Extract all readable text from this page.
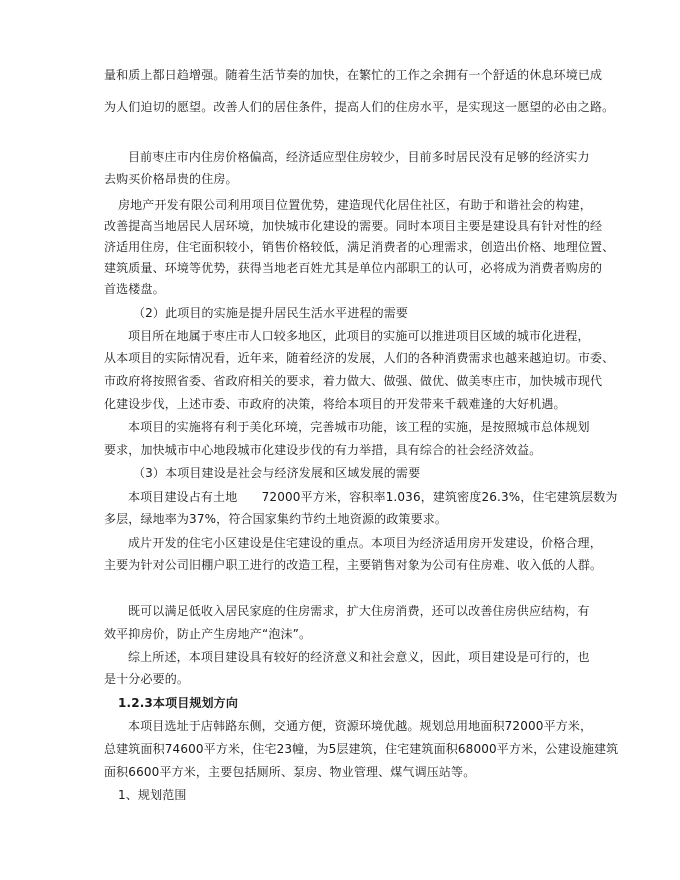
量和质上都日趋增强。随着生活节奏的加快，在繁忙的工作之余拥有一个舒适的休息环境已成
为人们迫切的愿望。改善人们的居住条件，提高人们的住房水平，是实现这一愿望的必由之路。
目前枣庄市内住房价格偏高，经济适应型住房较少，目前多时居民没有足够的经济实力
去购买价格昂贵的住房。
房地产开发有限公司利用项目位置优势，建造现代化居住社区，有助于和谐社会的构建，
改善提高当地居民人居环境，加快城市化建设的需要。同时本项目主要是建设具有针对性的经
济适用住房，住宅面积较小，销售价格较低，满足消费者的心理需求，创造出价格、地理位置、
建筑质量、环境等优势，获得当地老百姓尤其是单位内部职工的认可，必将成为消费者购房的
首选楼盘。
（2）此项目的实施是提升居民生活水平进程的需要
项目所在地属于枣庄市人口较多地区，此项目的实施可以推进项目区域的城市化进程，
从本项目的实际情况看，近年来，随着经济的发展，人们的各种消费需求也越来越迫切。市委、
市政府将按照省委、省政府相关的要求，着力做大、做强、做优、做美枣庄市，加快城市现代
化建设步伐，上述市委、市政府的决策，将给本项目的开发带来千载难逢的大好机遇。
本项目的实施将有利于美化环境，完善城市功能，该工程的实施，是按照城市总体规划
要求，加快城市中心地段城市化建设步伐的有力举措，具有综合的社会经济效益。
（3）本项目建设是社会与经济发展和区域发展的需要
本项目建设占有土地　　72000平方米，容积率1.036，建筑密度26.3%，住宅建筑层数为
多层，绿地率为37%，符合国家集约节约土地资源的政策要求。
成片开发的住宅小区建设是住宅建设的重点。本项目为经济适用房开发建设，价格合理，
主要为针对公司旧棚户职工进行的改造工程，主要销售对象为公司有住房难、收入低的人群。
既可以满足低收入居民家庭的住房需求，扩大住房消费，还可以改善住房供应结构，有
效平抑房价，防止产生房地产“泡沫”。
综上所述，本项目建设具有较好的经济意义和社会意义，因此，项目建设是可行的，也
是十分必要的。
1.2.3本项目规划方向
本项目选址于店韩路东侧，交通方便，资源环境优越。规划总用地面积72000平方米，
总建筑面积74600平方米，住宅23幢，为5层建筑，住宅建筑面积68000平方米，公建设施建筑
面积6600平方米，主要包括厕所、泵房、物业管理、煤气调压站等。
1、规划范围
